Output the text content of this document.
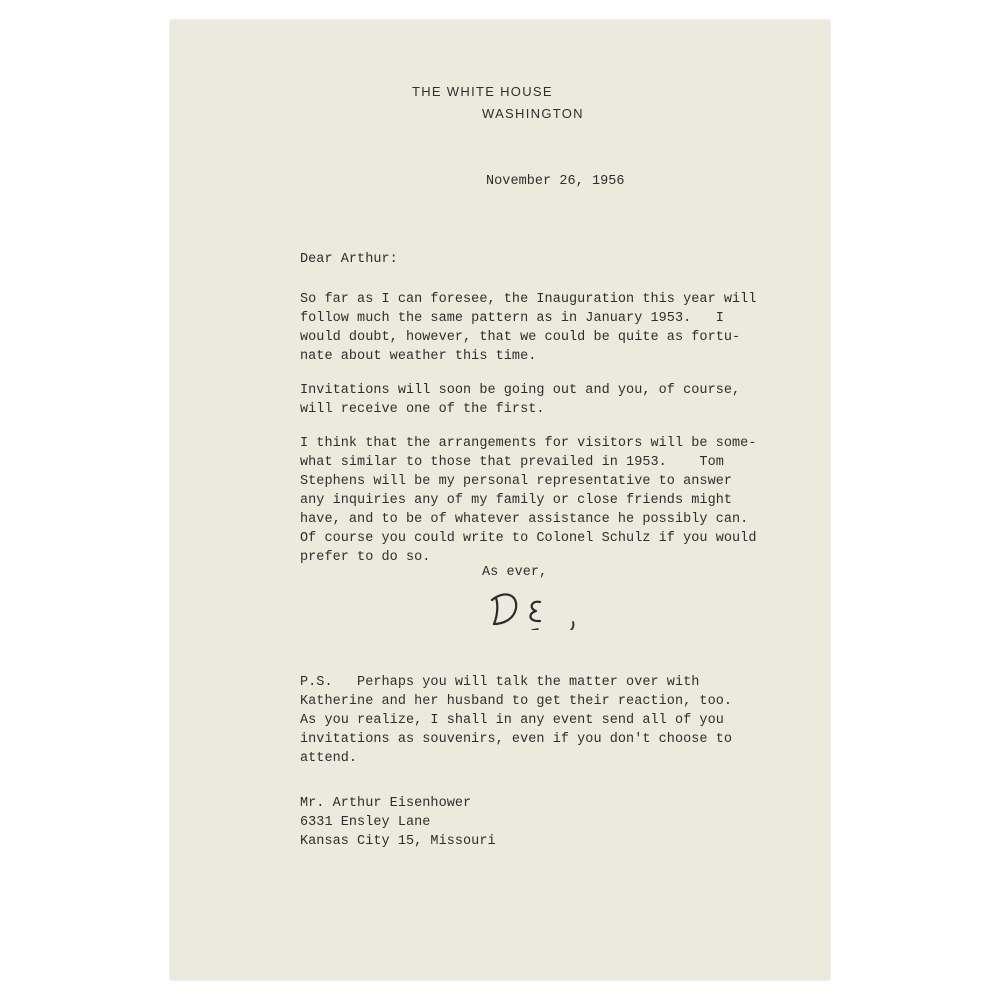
THE WHITE HOUSE
WASHINGTON
November 26, 1956
Dear Arthur:
So far as I can foresee, the Inauguration this year will
follow much the same pattern as in January 1953.   I
would doubt, however, that we could be quite as fortu-
nate about weather this time.
Invitations will soon be going out and you, of course,
will receive one of the first.
I think that the arrangements for visitors will be some-
what similar to those that prevailed in 1953.    Tom
Stephens will be my personal representative to answer
any inquiries any of my family or close friends might
have, and to be of whatever assistance he possibly can.
Of course you could write to Colonel Schulz if you would
prefer to do so.
As ever,
P.S.   Perhaps you will talk the matter over with
Katherine and her husband to get their reaction, too.
As you realize, I shall in any event send all of you
invitations as souvenirs, even if you don't choose to
attend.
Mr. Arthur Eisenhower
6331 Ensley Lane
Kansas City 15, Missouri
